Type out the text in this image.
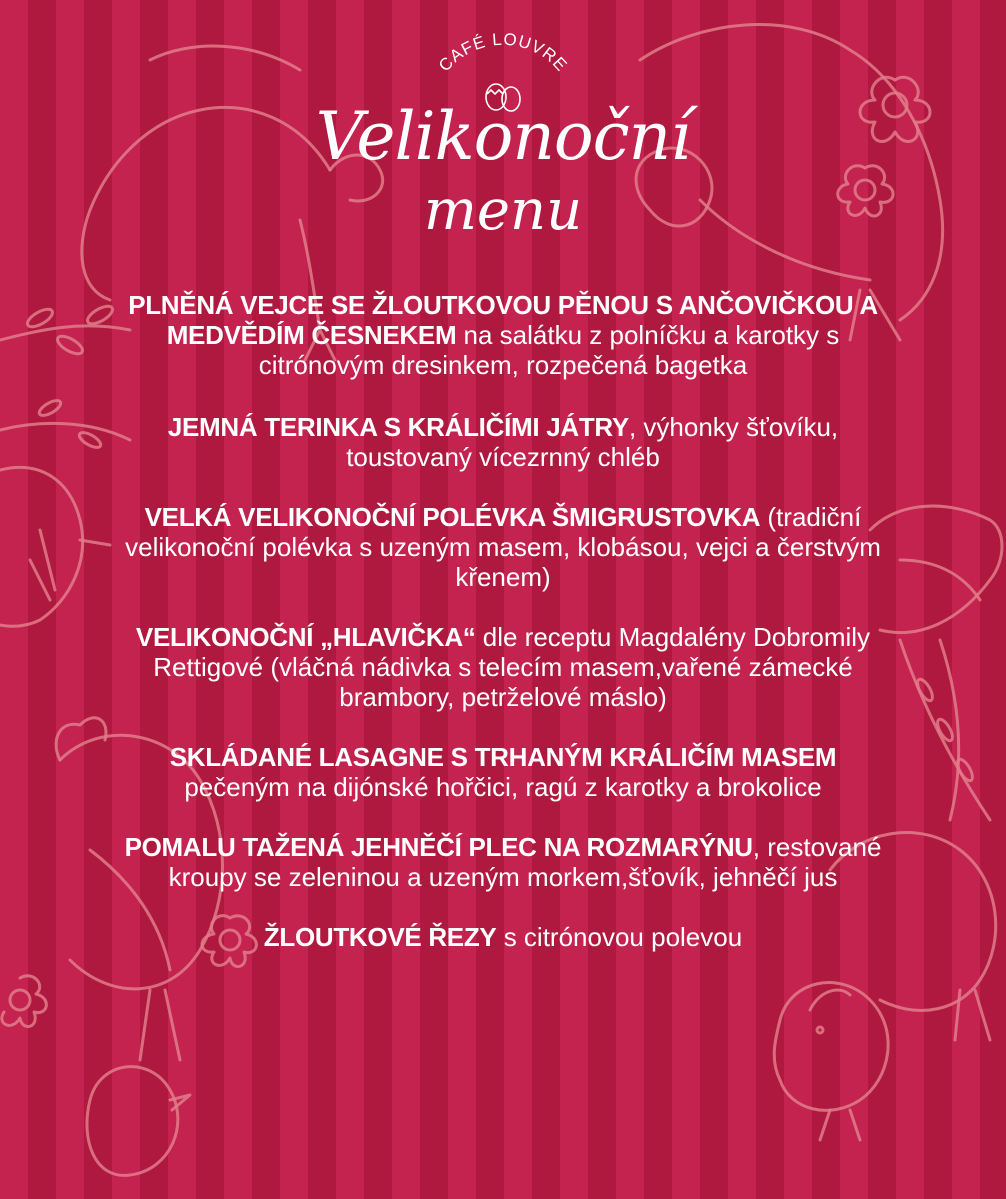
CAFÉ LOUVRE
Velikonoční
menu

PLNĚNÁ VEJCE SE ŽLOUTKOVOU PĚNOU S ANČOVIČKOU A MEDVĚDÍM ČESNEKEM na salátku z polníčku a karotky s citrónovým dresinkem, rozpečená bagetka

JEMNÁ TERINKA S KRÁLIČÍMI JÁTRY, výhonky šťovíku, toustovaný vícezrnný chléb

VELKÁ VELIKONOČNÍ POLÉVKA ŠMIGRUSTOVKA (tradiční velikonoční polévka s uzeným masem, klobásou, vejci a čerstvým křenem)

VELIKONOČNÍ „HLAVIČKA“ dle receptu Magdalény Dobromily Rettigové (vláčná nádivka s telecím masem,vařené zámecké brambory, petrželové máslo)

SKLÁDANÉ LASAGNE S TRHANÝM KRÁLIČÍM MASEM pečeným na dijónské hořčici, ragú z karotky a brokolice

POMALU TAŽENÁ JEHNĚČÍ PLEC NA ROZMARÝNU, restované kroupy se zeleninou a uzeným morkem,šťovík, jehněčí jus

ŽLOUTKOVÉ ŘEZY s citrónovou polevou
